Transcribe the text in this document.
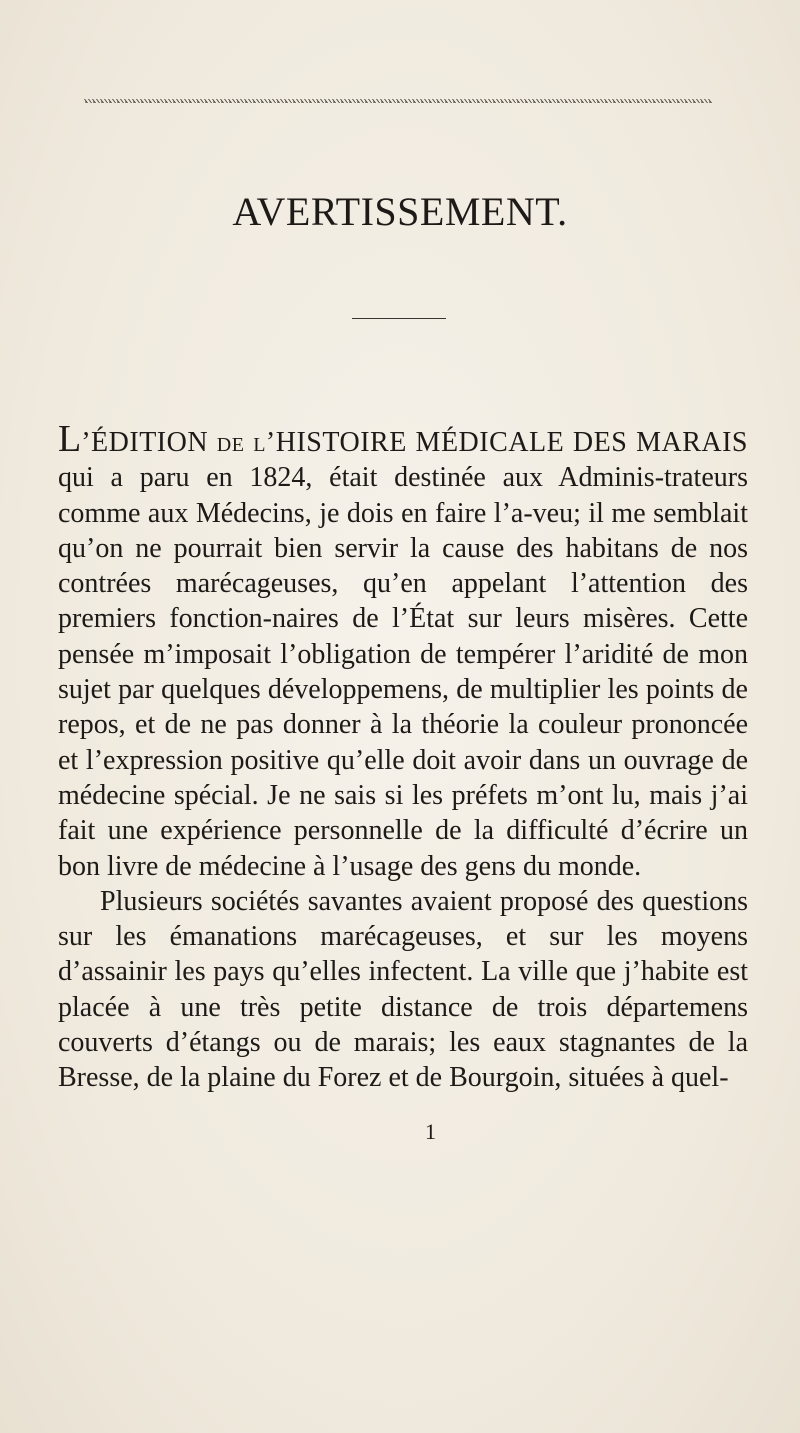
AVERTISSEMENT.

L’ÉDITION de l’HISTOIRE MÉDICALE DES MARAIS qui a paru en 1824, était destinée aux Adminis-trateurs comme aux Médecins, je dois en faire l’a-veu; il me semblait qu’on ne pourrait bien servir la cause des habitans de nos contrées marécageuses, qu’en appelant l’attention des premiers fonction-naires de l’État sur leurs misères. Cette pensée m’imposait l’obligation de tempérer l’aridité de mon sujet par quelques développemens, de multiplier les points de repos, et de ne pas donner à la théorie la couleur prononcée et l’expression positive qu’elle doit avoir dans un ouvrage de médecine spécial. Je ne sais si les préfets m’ont lu, mais j’ai fait une expérience personnelle de la difficulté d’écrire un bon livre de médecine à l’usage des gens du monde.

Plusieurs sociétés savantes avaient proposé des questions sur les émanations marécageuses, et sur les moyens d’assainir les pays qu’elles infectent. La ville que j’habite est placée à une très petite distance de trois départemens couverts d’étangs ou de marais; les eaux stagnantes de la Bresse, de la plaine du Forez et de Bourgoin, situées à quel-

1
